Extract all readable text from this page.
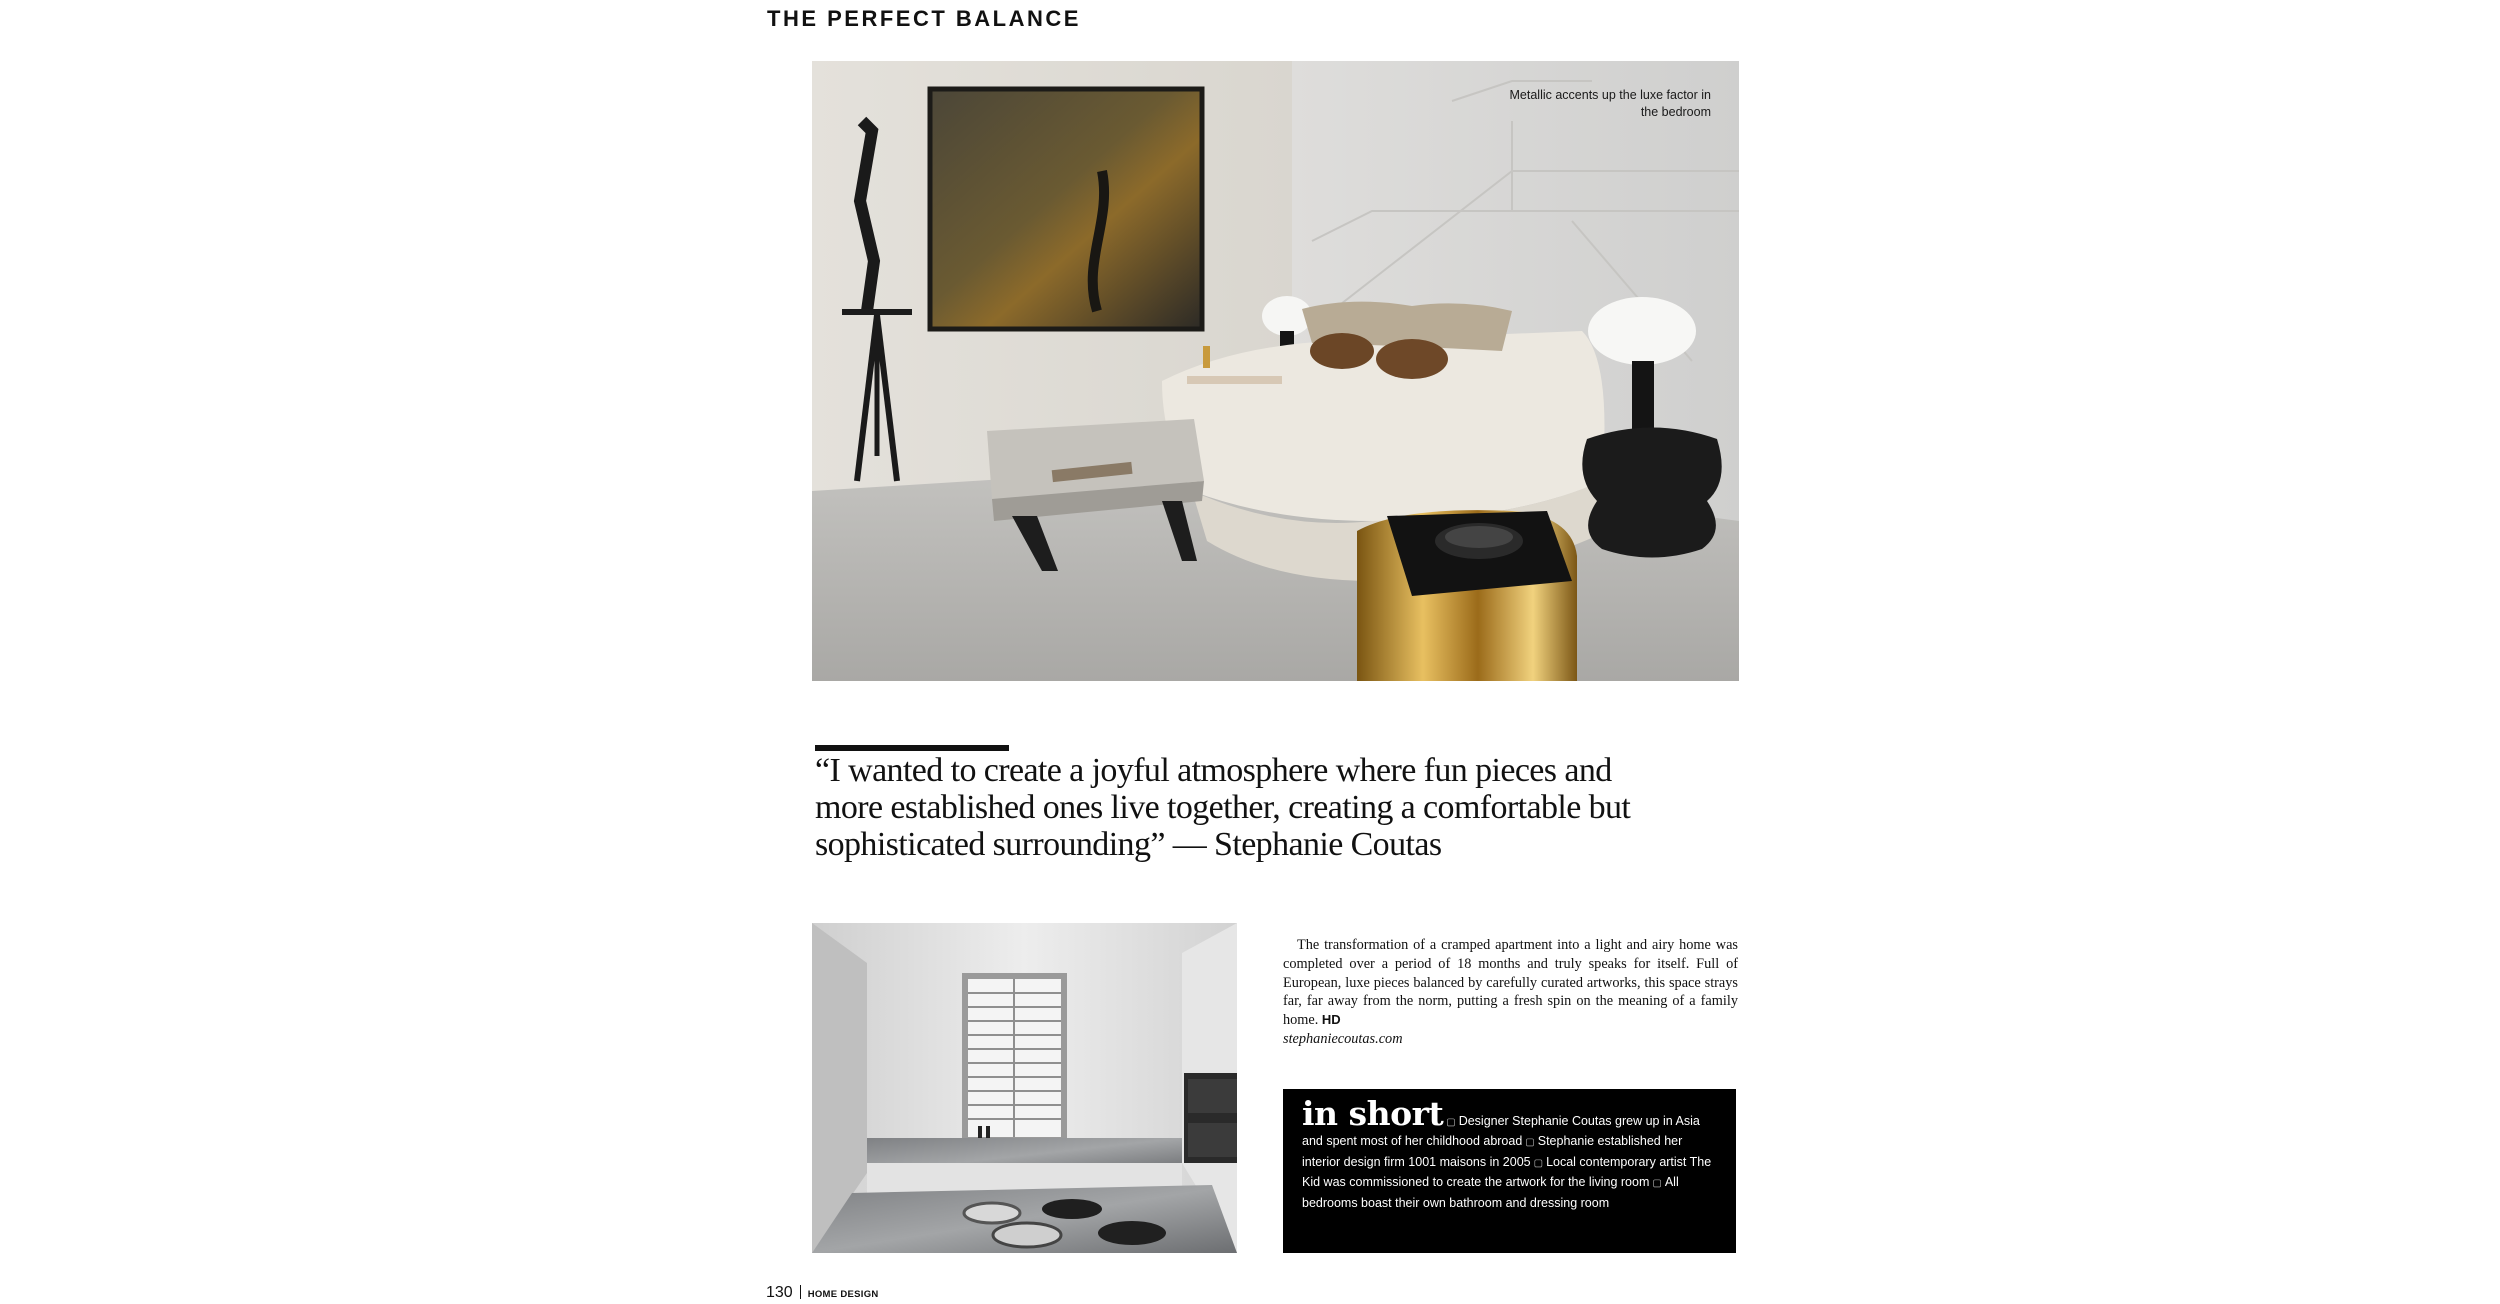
THE PERFECT BALANCE
Metallic accents up the luxe factor in the bedroom
“I wanted to create a joyful atmosphere where fun pieces and more established ones live together, creating a comfortable but sophisticated surrounding” — Stephanie Coutas
The transformation of a cramped apartment into a light and airy home was completed over a period of 18 months and truly speaks for itself. Full of European, luxe pieces balanced by carefully curated artworks, this space strays far, far away from the norm, putting a fresh spin on the meaning of a family home. HD
stephaniecoutas.com
in short ▢ Designer Stephanie Coutas grew up in Asia and spent most of her childhood abroad ▢ Stephanie established her interior design firm 1001 maisons in 2005 ▢ Local contemporary artist The Kid was commissioned to create the artwork for the living room ▢ All bedrooms boast their own bathroom and dressing room
130 HOME DESIGN
